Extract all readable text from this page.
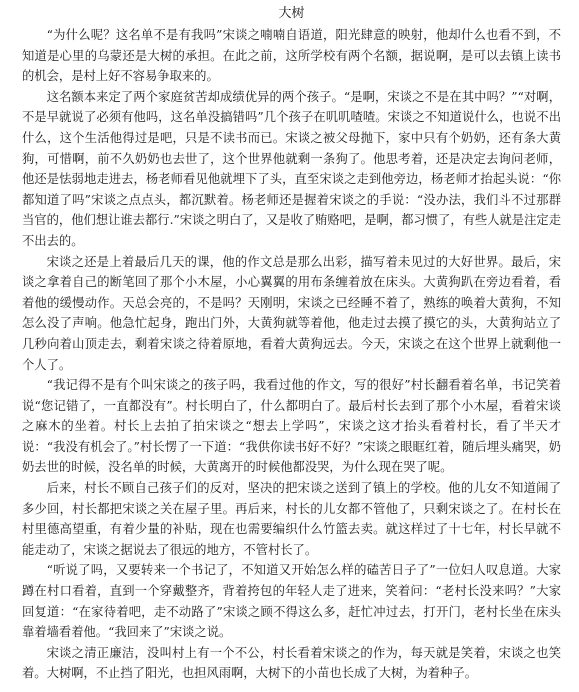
大树

“为什么呢？这名单不是有我吗”宋谈之喃喃自语道，阳光肆意的映射，他却什么也看不到，不知道是心里的乌蒙还是大树的承担。在此之前，这所学校有两个名额，据说啊，是可以去镇上读书的机会，是村上好不容易争取来的。

这名额本来定了两个家庭贫苦却成绩优异的两个孩子。“是啊，宋谈之不是在其中吗？”“对啊，不是早就说了必须有他吗，这名单没搞错吗”几个孩子在叽叽喳喳。宋谈之不知道说什么，也说不出什么，这个生活他得过是吧，只是不读书而已。宋谈之被父母抛下，家中只有个奶奶，还有条大黄狗，可惜啊，前不久奶奶也去世了，这个世界他就剩一条狗了。他思考着，还是决定去询问老师，他还是怯弱地走进去，杨老师看见他就埋下了头，直至宋谈之走到他旁边，杨老师才抬起头说：“你都知道了吗”宋谈之点点头，都沉默着。杨老师还是握着宋谈之的手说：“没办法，我们斗不过那群当官的，他们想让谁去都行.”宋谈之明白了，又是收了贿赂吧，是啊，都习惯了，有些人就是注定走不出去的。

宋谈之还是上着最后几天的课，他的作文总是那么出彩，描写着未见过的大好世界。最后，宋谈之拿着自己的断笔回了那个小木屋，小心翼翼的用布条缠着放在床头。大黄狗趴在旁边看着，看着他的缓慢动作。天总会亮的，不是吗？天刚明，宋谈之已经睡不着了，熟练的唤着大黄狗，不知怎么没了声响。他急忙起身，跑出门外，大黄狗就等着他，他走过去摸了摸它的头，大黄狗站立了几秒向着山顶走去，剩着宋谈之待着原地，看着大黄狗远去。今天，宋谈之在这个世界上就剩他一个人了。

“我记得不是有个叫宋谈之的孩子吗，我看过他的作文，写的很好”村长翻看着名单，书记笑着说“您记错了，一直都没有”。村长明白了，什么都明白了。最后村长去到了那个小木屋，看着宋谈之麻木的坐着。村长上去拍了拍宋谈之“想去上学吗”，宋谈之这才抬头看着村长，看了半天才说：“我没有机会了。”村长愣了一下道：“我供你读书好不好？”宋谈之眼眶红着，随后埋头痛哭，奶奶去世的时候，没名单的时候，大黄离开的时候他都没哭，为什么现在哭了呢。

后来，村长不顾自己孩子们的反对，坚决的把宋谈之送到了镇上的学校。他的儿女不知道闹了多少回，村长都把宋谈之关在屋子里。再后来，村长的儿女都不管他了，只剩宋谈之了。在村长在村里德高望重，有着少量的补贴，现在也需要编织什么竹篮去卖。就这样过了十七年，村长早就不能走动了，宋谈之据说去了很远的地方，不管村长了。

“听说了吗，又要转来一个书记了，不知道又开始怎么样的磕苦日子了”一位妇人叹息道。大家蹲在村口看着，直到一个穿戴整齐，背着挎包的年轻人走了进来，笑着问：“老村长没来吗？”大家回复道：“在家待着吧，走不动路了”宋谈之顾不得这么多，赶忙冲过去，打开门，老村长坐在床头靠着墙看着他。“我回来了”宋谈之说。

宋谈之清正廉洁，没叫村上有一个不公，村长看着宋谈之的作为，每天就是笑着，宋谈之也笑着。大树啊，不止挡了阳光，也担风雨啊，大树下的小苗也长成了大树，为着种子。
